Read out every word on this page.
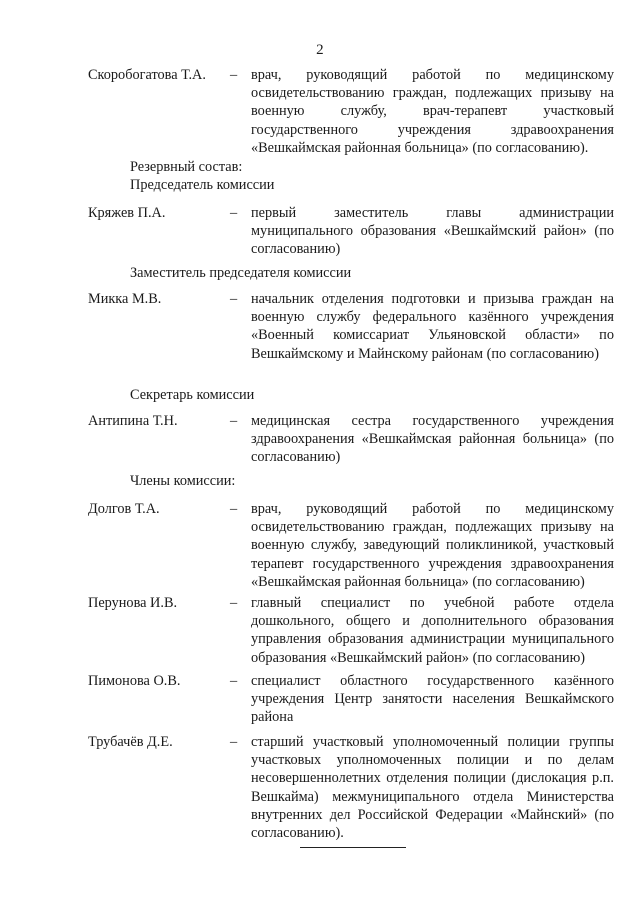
2
Скоробогатова Т.А. – врач, руководящий работой по медицинскому освидетельствованию граждан, подлежащих призыву на военную службу, врач-терапевт участковый государственного учреждения здравоохранения «Вешкаймская районная больница» (по согласованию).
Резервный состав:
Председатель комиссии
Кряжев П.А.	– первый заместитель главы администрации муниципального образования «Вешкаймский район» (по согласованию)
Заместитель председателя комиссии
Микка М.В.	– начальник отделения подготовки и призыва граждан на военную службу федерального казённого учреждения «Военный комиссариат Ульяновской области» по Вешкаймскому и Майнскому районам (по согласованию)
Секретарь комиссии
Антипина Т.Н.	– медицинская сестра государственного учреждения здравоохранения «Вешкаймская районная больница» (по согласованию)
Члены комиссии:
Долгов Т.А.	– врач, руководящий работой по медицинскому освидетельствованию граждан, подлежащих призыву на военную службу, заведующий поликлиникой, участковый терапевт государственного учреждения здравоохранения «Вешкаймская районная больница» (по согласованию)
Перунова И.В.	– главный специалист по учебной работе отдела дошкольного, общего и дополнительного образования управления образования администрации муниципального образования «Вешкаймский район» (по согласованию)
Пимонова О.В.	– специалист областного государственного казённого учреждения Центр занятости населения Вешкаймского района
Трубачёв Д.Е.	– старший участковый уполномоченный полиции группы участковых уполномоченных полиции и по делам несовершеннолетних отделения полиции (дислокация р.п. Вешкайма) межмуниципального отдела Министерства внутренних дел Российской Федерации «Майнский» (по согласованию).
